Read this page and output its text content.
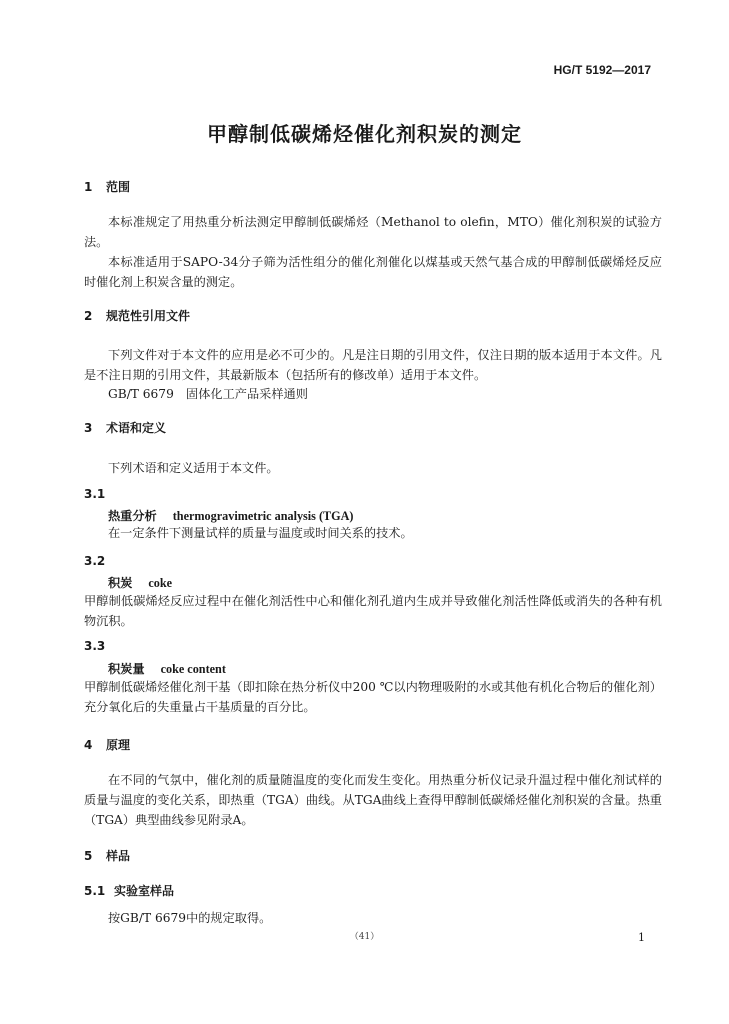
HG/T 5192—2017
甲醇制低碳烯烃催化剂积炭的测定
1 范围
本标准规定了用热重分析法测定甲醇制低碳烯烃（Methanol to olefin，MTO）催化剂积炭的试验方法。
本标准适用于SAPO-34分子筛为活性组分的催化剂催化以煤基或天然气基合成的甲醇制低碳烯烃反应时催化剂上积炭含量的测定。
2 规范性引用文件
下列文件对于本文件的应用是必不可少的。凡是注日期的引用文件，仅注日期的版本适用于本文件。凡是不注日期的引用文件，其最新版本（包括所有的修改单）适用于本文件。
GB/T 6679　固体化工产品采样通则
3 术语和定义
下列术语和定义适用于本文件。
3.1
热重分析 thermogravimetric analysis (TGA)
在一定条件下测量试样的质量与温度或时间关系的技术。
3.2
积炭 coke
甲醇制低碳烯烃反应过程中在催化剂活性中心和催化剂孔道内生成并导致催化剂活性降低或消失的各种有机物沉积。
3.3
积炭量 coke content
甲醇制低碳烯烃催化剂干基（即扣除在热分析仪中200 ℃以内物理吸附的水或其他有机化合物后的催化剂）充分氧化后的失重量占干基质量的百分比。
4 原理
在不同的气氛中，催化剂的质量随温度的变化而发生变化。用热重分析仪记录升温过程中催化剂试样的质量与温度的变化关系，即热重（TGA）曲线。从TGA曲线上查得甲醇制低碳烯烃催化剂积炭的含量。热重（TGA）典型曲线参见附录A。
5 样品
5.1 实验室样品
按GB/T 6679中的规定取得。
（41）	1
